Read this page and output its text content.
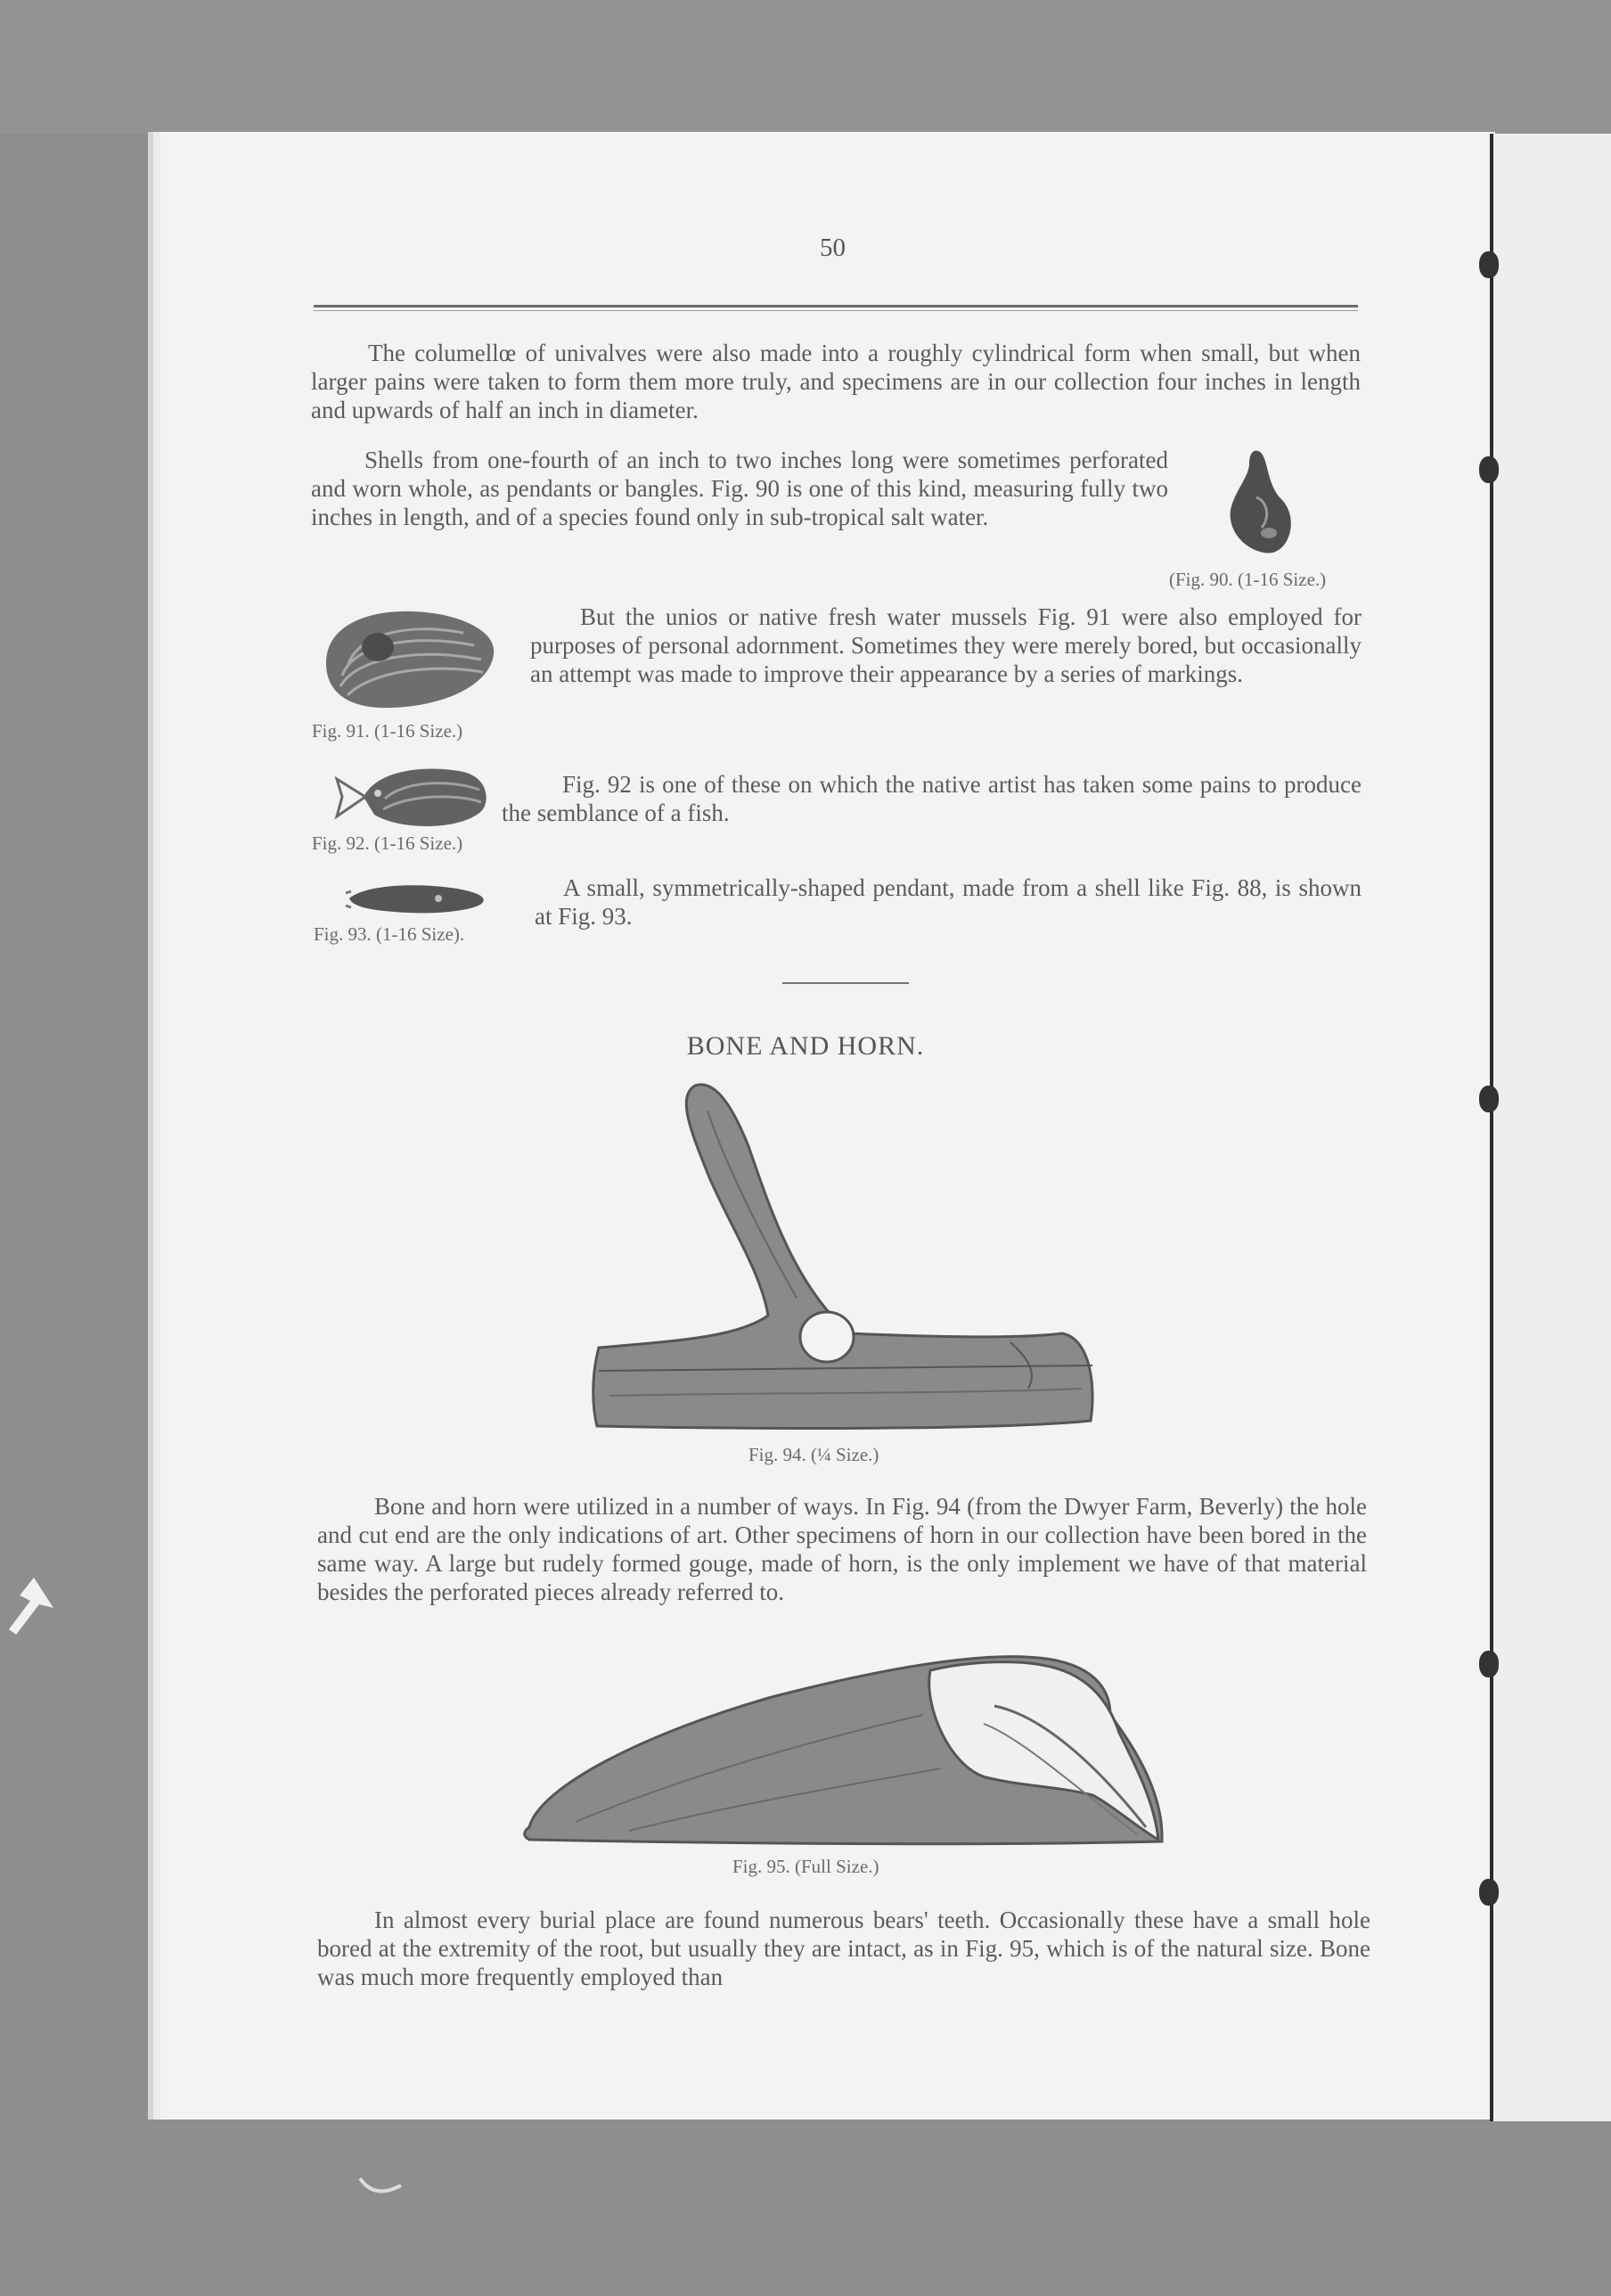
50
The columellœ of univalves were also made into a roughly cylindrical form when small, but when larger pains were taken to form them more truly, and specimens are in our collection four inches in length and upwards of half an inch in diameter.
Shells from one-fourth of an inch to two inches long were sometimes perforated and worn whole, as pendants or bangles. Fig. 90 is one of this kind, measuring fully two inches in length, and of a species found only in sub-tropical salt water.
(Fig. 90. (1-16 Size.)
Fig. 91. (1-16 Size.)
But the unios or native fresh water mussels Fig. 91 were also employed for purposes of personal adornment. Sometimes they were merely bored, but occasionally an attempt was made to improve their appearance by a series of markings.
Fig. 92. (1-16 Size.)
Fig. 92 is one of these on which the native artist has taken some pains to produce the semblance of a fish.
Fig. 93. (1-16 Size).
A small, symmetrically-shaped pendant, made from a shell like Fig. 88, is shown at Fig. 93.
BONE AND HORN.
Fig. 94. (¼ Size.)
Bone and horn were utilized in a number of ways. In Fig. 94 (from the Dwyer Farm, Beverly) the hole and cut end are the only indications of art. Other specimens of horn in our collection have been bored in the same way. A large but rudely formed gouge, made of horn, is the only implement we have of that material besides the perforated pieces already referred to.
Fig. 95. (Full Size.)
In almost every burial place are found numerous bears' teeth. Occasionally these have a small hole bored at the extremity of the root, but usually they are intact, as in Fig. 95, which is of the natural size. Bone was much more frequently employed than
